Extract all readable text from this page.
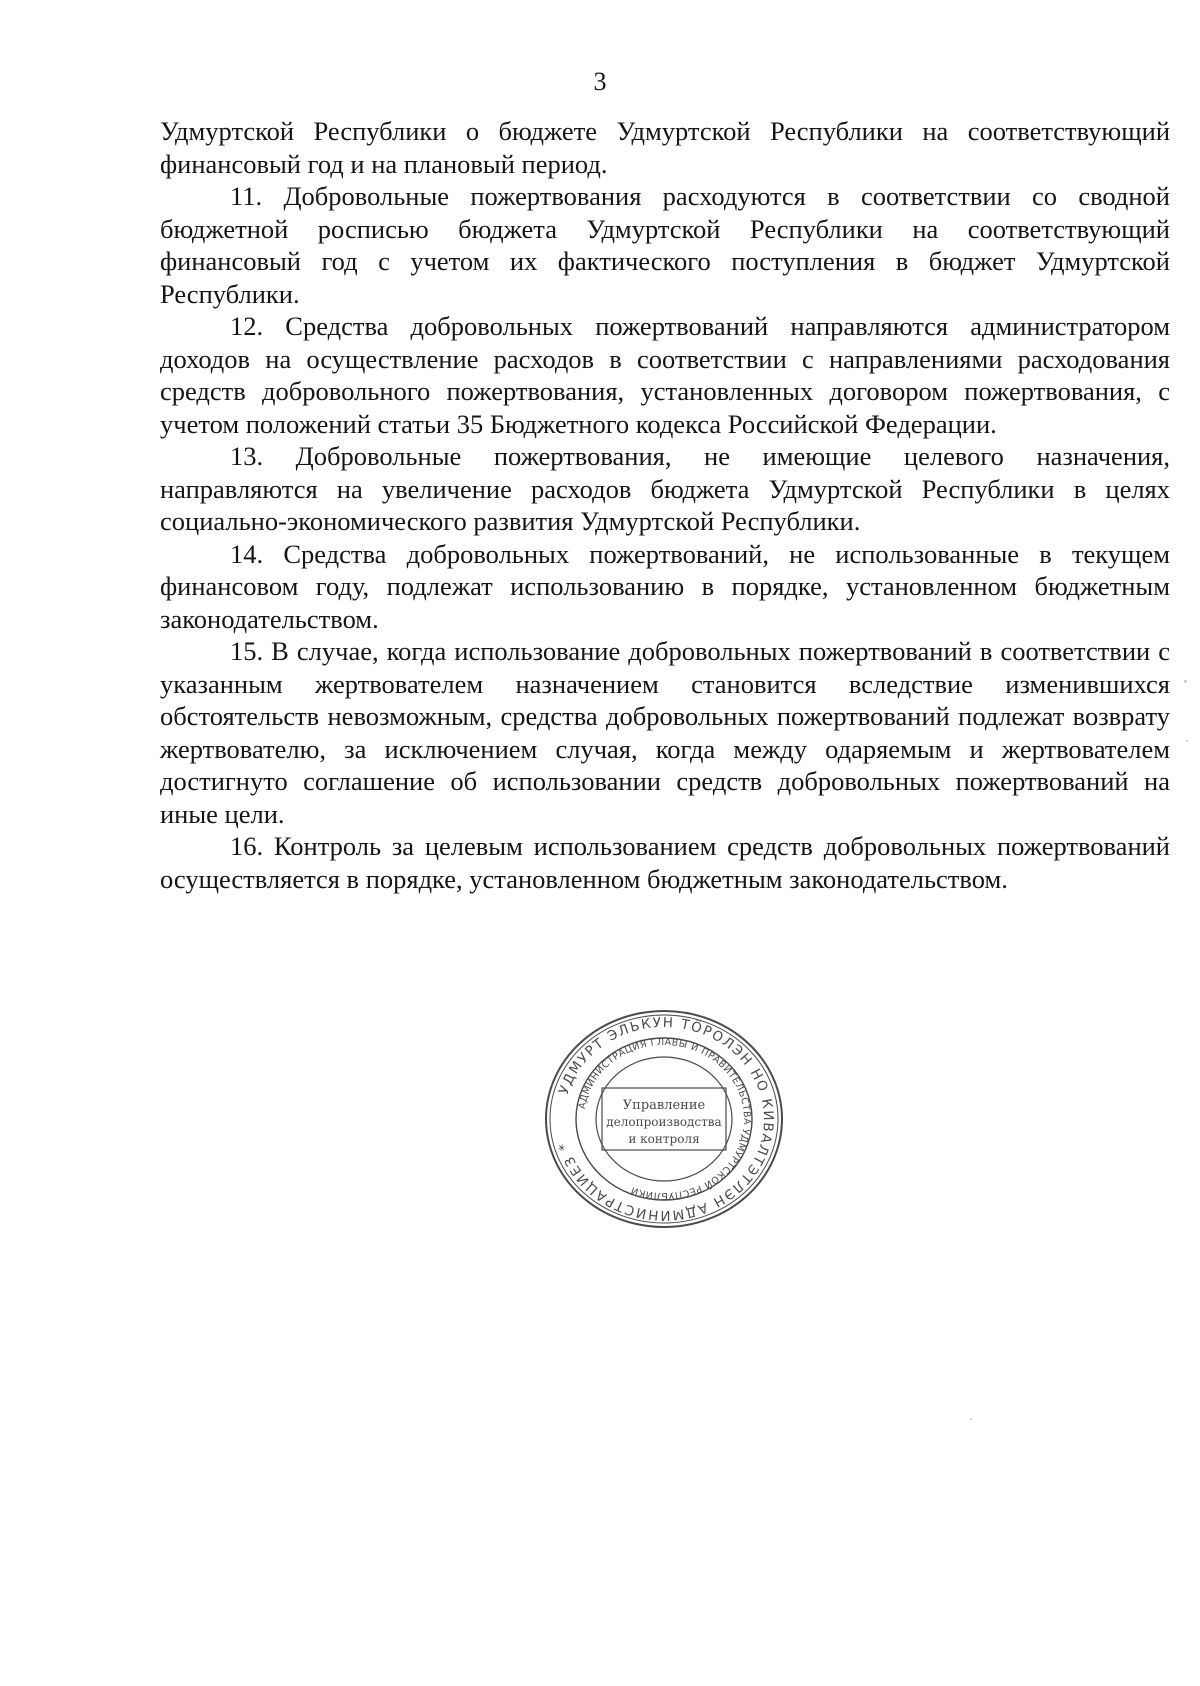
3

Удмуртской Республики о бюджете Удмуртской Республики на соответствующий финансовый год и на плановый период.

11. Добровольные пожертвования расходуются в соответствии со сводной бюджетной росписью бюджета Удмуртской Республики на соответствующий финансовый год с учетом их фактического поступления в бюджет Удмуртской Республики.

12. Средства добровольных пожертвований направляются администратором доходов на осуществление расходов в соответствии с направлениями расходования средств добровольного пожертвования, установленных договором пожертвования, с учетом положений статьи 35 Бюджетного кодекса Российской Федерации.

13. Добровольные пожертвования, не имеющие целевого назначения, направляются на увеличение расходов бюджета Удмуртской Республики в целях социально-экономического развития Удмуртской Республики.

14. Средства добровольных пожертвований, не использованные в текущем финансовом году, подлежат использованию в порядке, установленном бюджетным законодательством.

15. В случае, когда использование добровольных пожертвований в соответствии с указанным жертвователем назначением становится вследствие изменившихся обстоятельств невозможным, средства добровольных пожертвований подлежат возврату жертвователю, за исключением случая, когда между одаряемым и жертвователем достигнуто соглашение об использовании средств добровольных пожертвований на иные цели.

16. Контроль за целевым использованием средств добровольных пожертвований осуществляется в порядке, установленном бюджетным законодательством.

УДМУРТ ЭЛЬКУН ТӦРОЛЭН НО КИВАЛТЭТЛЭН АДМИНИСТРАЦИЕЗ *
АДМИНИСТРАЦИЯ ГЛАВЫ И ПРАВИТЕЛЬСТВА УДМУРТСКОЙ РЕСПУБЛИКИ
Управление
делопроизводства
и контроля
